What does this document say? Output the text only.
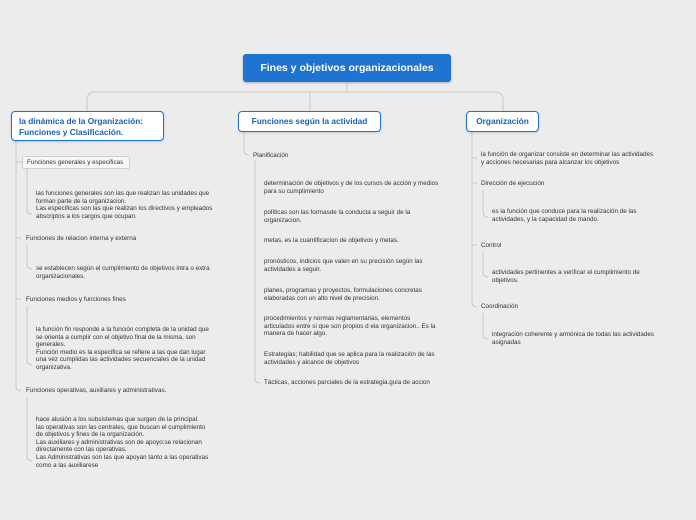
Fines y objetivos organizacionales
la dinámica de la Organización: Funciones y Clasificación.
Funciones según la actividad	Organización
Funciones generales y especificas
las funciones generales son las que realizan las unidades que
forman parte de la organizacion.
Las especificas son las que realizan los directivos y empleados
abscriptos a los cargos que ocupan.
Funciones de relacion interna y externa
se establecen según el cumplimiento de objetivos intra o extra
organizacionales.
Funciones medios y funciones fines
la función fin responde a la función completa de la unidad que
se orienta a cumplir con el objetivo final de la misma, son
generales.
Función medio es la especifica se refiere a las que dan lugar
una vez cumplidas las actividades secuenciales de la unidad
organizativa.
Funciones operativas, auxiliares y administrativas.
hace alusión a los subsistemas que surgen de la principal.
las operativas son las centrales, que buscan el cumplimiento
de objetivos y fines de la organización.
Las auxiliares y administrativas son de apoyo:se relacionan
directamente con las operativas.
Las Administrativas son las que apoyan tanto a las operativas
como a las auxiliarese
Planificación
determinación de objetivos y de los cursos de acción y medios
para su cumplimiento
políticas son las formasde la conducta a seguir de la
organizacion.
metas, es la cuantificacion de objetivos y metas.
pronósticos, indicios que valen en su precisión según las
actividades a seguir.
planes, programas y proyectos, formulaciones concretas
elaboradas con un alto nivel de precision.
procedimientos y normas reglamentarias, elementos
articulados entre si que son propios d ela organizacion.. Es la
manera de hacer algo.
Estrategias; habilidad que se aplica para la realización de las
actividades y alcance de objetivos
Tácticas, acciones parciales de la estrategia.guia de accion
la función de organizar consiste en determinar las actividades
y acciones necesarias para alcanzar los objetivos
Dirección de ejecución
es la función que conduce para la realización de las
actividades, y la capacidad de mando.
Control
actividades pertinentes a verificar el cumplimiento de
objetivos.
Coordinación
integración coherente y armónica de todas las actividades
asignadas
